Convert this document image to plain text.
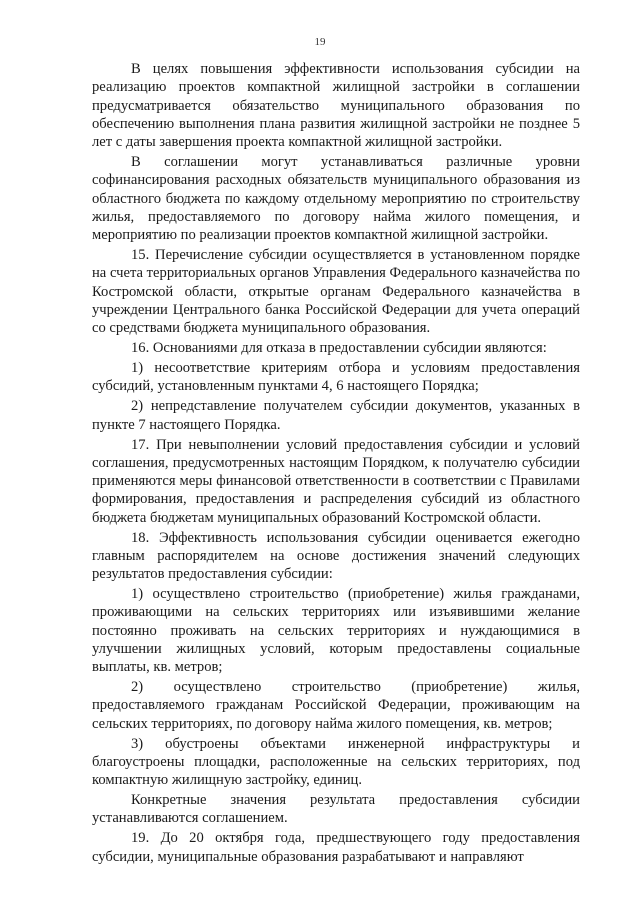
19

В целях повышения эффективности использования субсидии на реализацию проектов компактной жилищной застройки в соглашении предусматривается обязательство муниципального образования по обеспечению выполнения плана развития жилищной застройки не позднее 5 лет с даты завершения проекта компактной жилищной застройки.

В соглашении могут устанавливаться различные уровни софинансирования расходных обязательств муниципального образования из областного бюджета по каждому отдельному мероприятию по строительству жилья, предоставляемого по договору найма жилого помещения, и мероприятию по реализации проектов компактной жилищной застройки.

15. Перечисление субсидии осуществляется в установленном порядке на счета территориальных органов Управления Федерального казначейства по Костромской области, открытые органам Федерального казначейства в учреждении Центрального банка Российской Федерации для учета операций со средствами бюджета муниципального образования.

16. Основаниями для отказа в предоставлении субсидии являются:

1) несоответствие критериям отбора и условиям предоставления субсидий, установленным пунктами 4, 6 настоящего Порядка;

2) непредставление получателем субсидии документов, указанных в пункте 7 настоящего Порядка.

17. При невыполнении условий предоставления субсидии и условий соглашения, предусмотренных настоящим Порядком, к получателю субсидии применяются меры финансовой ответственности в соответствии с Правилами формирования, предоставления и распределения субсидий из областного бюджета бюджетам муниципальных образований Костромской области.

18. Эффективность использования субсидии оценивается ежегодно главным распорядителем на основе достижения значений следующих результатов предоставления субсидии:

1) осуществлено строительство (приобретение) жилья гражданами, проживающими на сельских территориях или изъявившими желание постоянно проживать на сельских территориях и нуждающимися в улучшении жилищных условий, которым предоставлены социальные выплаты, кв. метров;

2) осуществлено строительство (приобретение) жилья, предоставляемого гражданам Российской Федерации, проживающим на сельских территориях, по договору найма жилого помещения, кв. метров;

3) обустроены объектами инженерной инфраструктуры и благоустроены площадки, расположенные на сельских территориях, под компактную жилищную застройку, единиц.

Конкретные значения результата предоставления субсидии устанавливаются соглашением.

19. До 20 октября года, предшествующего году предоставления субсидии, муниципальные образования разрабатывают и направляют
